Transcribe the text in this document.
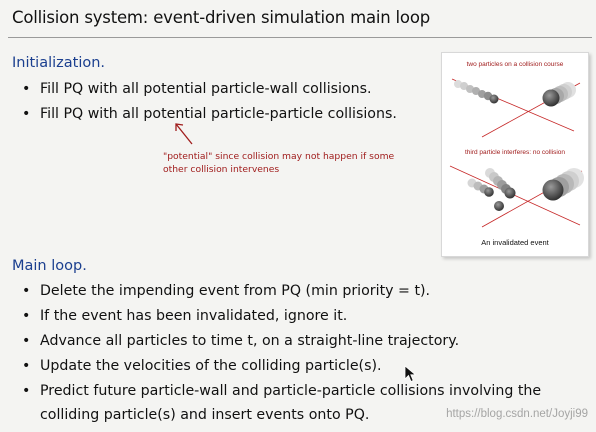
Collision system: event-driven simulation main loop
Initialization.
• Fill PQ with all potential particle-wall collisions.
• Fill PQ with all potential particle-particle collisions.
"potential" since collision may not happen if some other collision intervenes
two particles on a collision course
third particle interferes: no collision
An invalidated event
Main loop.
• Delete the impending event from PQ (min priority = t).
• If the event has been invalidated, ignore it.
• Advance all particles to time t, on a straight-line trajectory.
• Update the velocities of the colliding particle(s).
• Predict future particle-wall and particle-particle collisions involving the colliding particle(s) and insert events onto PQ.	https://blog.csdn.net/Joyji99
